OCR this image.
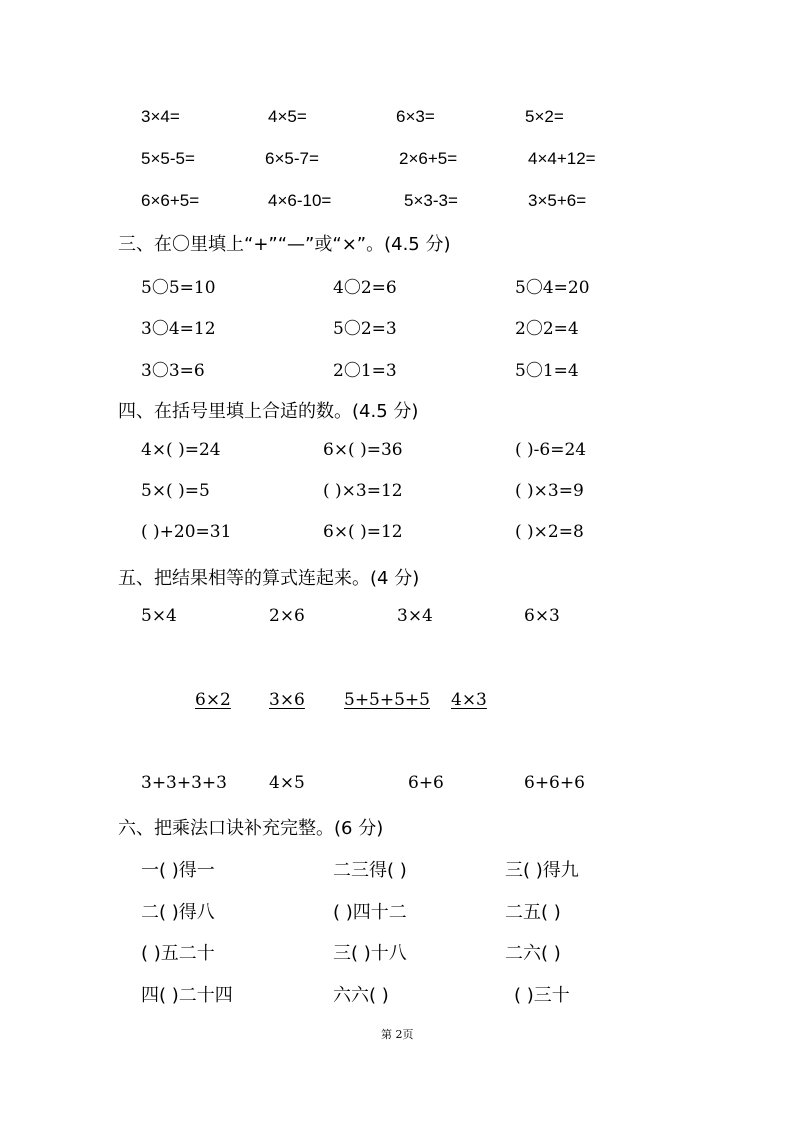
3×4=	4×5=	6×3=	5×2=
5×5-5=	6×5-7=	2×6+5=	4×4+12=
6×6+5=	4×6-10=	5×3-3=	3×5+6=
三、在〇里填上“+”“—”或“×”。(4.5 分)
5〇5=10	4〇2=6	5〇4=20
3〇4=12	5〇2=3	2〇2=4
3〇3=6	2〇1=3	5〇1=4
四、在括号里填上合适的数。(4.5 分)
4×( )=24	6×( )=36	( )-6=24
5×( )=5	( )×3=12	( )×3=9
( )+20=31	6×( )=12	( )×2=8
五、把结果相等的算式连起来。(4 分)
5×4	2×6	3×4	6×3
6×2 3×6 5+5+5+5 4×3
3+3+3+3 4×5	6+6	6+6+6
六、把乘法口诀补充完整。(6 分)
一( )得一	二三得( )	三( )得九
二( )得八	( )四十二	二五( )
( )五二十	三( )十八	二六( )
四( )二十四	六六( )	( )三十
第 2页
